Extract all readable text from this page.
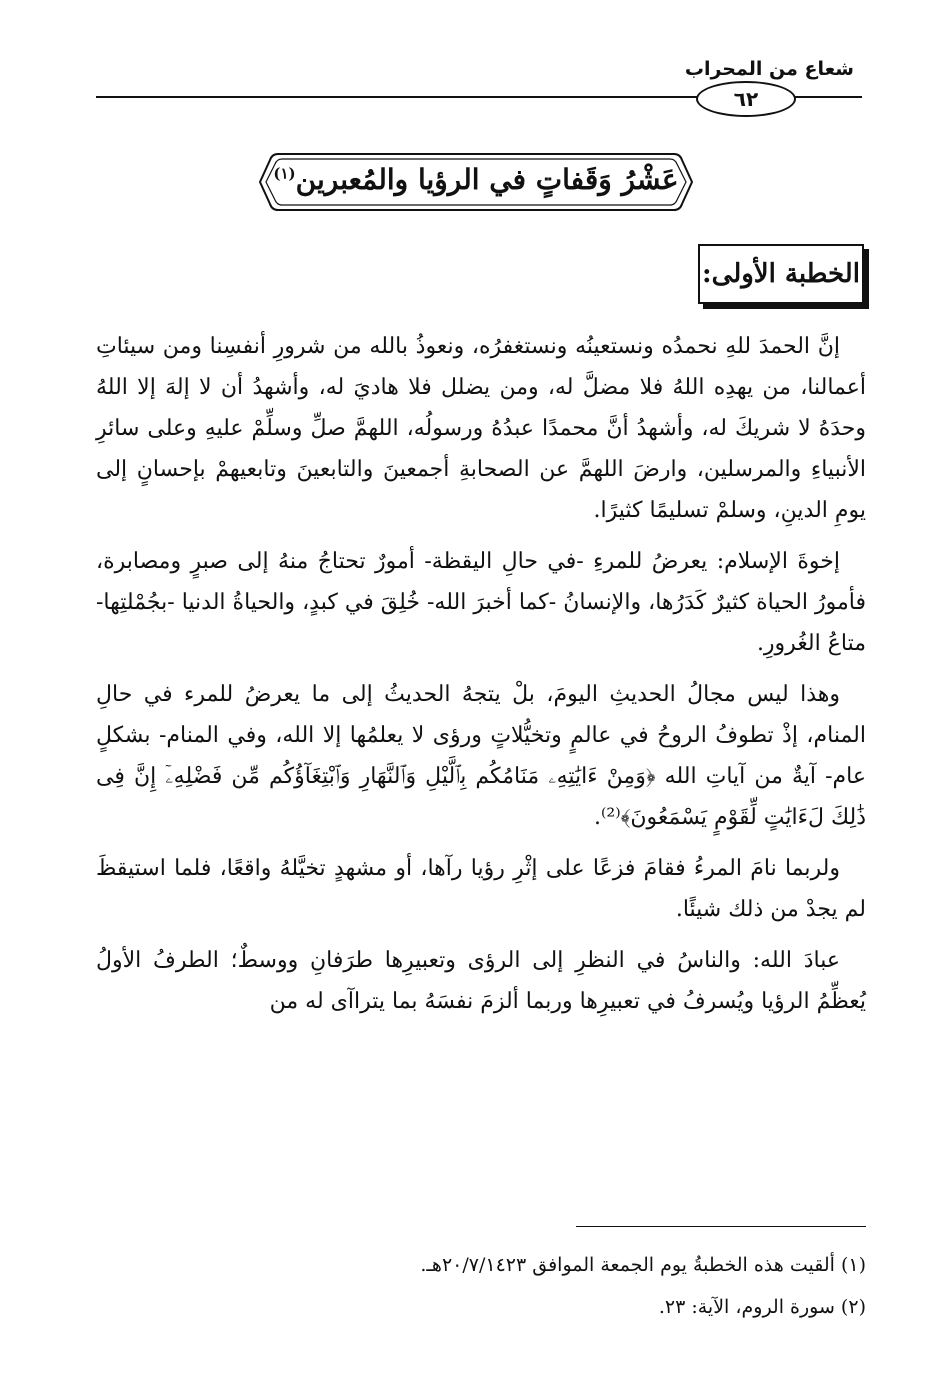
شعاع من المحراب
٦٢
عَشْرُ وَقَفاتٍ في الرؤيا والمُعبرين$^{(١)}$
الخطبة الأولى:

إنَّ الحمدَ للهِ نحمدُه ونستعينُه ونستغفرُه، ونعوذُ بالله من شرورِ أنفسِنا ومن سيئاتِ أعمالنا، من يهدِه اللهُ فلا مضلَّ له، ومن يضلل فلا هاديَ له، وأشهدُ أن لا إلهَ إلا اللهُ وحدَهُ لا شريكَ له، وأشهدُ أنَّ محمدًا عبدُهُ ورسولُه، اللهمَّ صلِّ وسلِّمْ عليهِ وعلى سائرِ الأنبياءِ والمرسلين، وارضَ اللهمَّ عن الصحابةِ أجمعينَ والتابعينَ وتابعيهمْ بإحسانٍ إلى يومِ الدينِ، وسلمْ تسليمًا كثيرًا.

إخوةَ الإسلام: يعرضُ للمرءِ -في حالِ اليقظة- أمورٌ تحتاجُ منهُ إلى صبرٍ ومصابرة، فأمورُ الحياة كثيرٌ كَدَرُها، والإنسانُ -كما أخبرَ الله- خُلِقَ في كبدٍ، والحياةُ الدنيا -بجُمْلتِها- متاعُ الغُرورِ.

وهذا ليس مجالُ الحديثِ اليومَ، بلْ يتجهُ الحديثُ إلى ما يعرضُ للمرء في حالِ المنام، إذْ تطوفُ الروحُ في عالمٍ وتخيُّلاتٍ ورؤى لا يعلمُها إلا الله، وفي المنام- بشكلٍ عام- آيةٌ من آياتِ الله ﴿وَمِنْ ءَايَٰتِهِۦ مَنَامُكُم بِٱلَّيْلِ وَٱلنَّهَارِ وَٱبْتِغَآؤُكُم مِّن فَضْلِهِۦٓ إِنَّ فِى ذَٰلِكَ لَءَايَٰتٍ لِّقَوْمٍ يَسْمَعُونَ﴾⁽²⁾.

ولربما نامَ المرءُ فقامَ فزعًا على إثْرِ رؤيا رآها، أو مشهدٍ تخيَّلهُ واقعًا، فلما استيقظَ لم يجدْ من ذلك شيئًا.

عبادَ الله: والناسُ في النظرِ إلى الرؤى وتعبيرِها طرَفانِ ووسطٌ؛ الطرفُ الأولُ يُعظِّمُ الرؤيا ويُسرفُ في تعبيرِها وربما ألزمَ نفسَهُ بما يتراآى له من

(١) ألقيت هذه الخطبةُ يوم الجمعة الموافق ٢٠/٧/١٤٢٣هـ.
(٢) سورة الروم، الآية: ٢٣.
